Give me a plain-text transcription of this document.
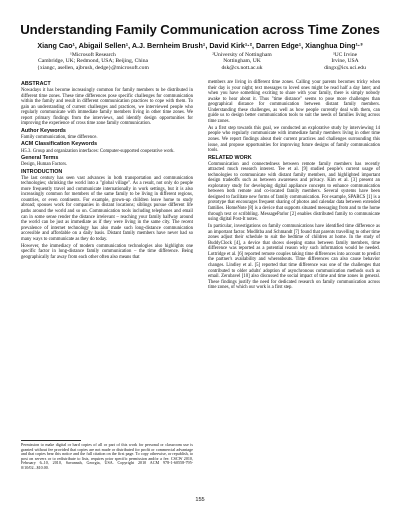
Understanding Family Communication across Time Zones
Xiang Cao¹, Abigail Sellen¹, A.J. Bernheim Brush¹, David Kirk¹·², Darren Edge¹, Xianghua Ding¹·³
¹Microsoft Research
Cambridge, UK; Redmond, USA; Beijing, China
{xiangc, asellen, ajbrush, dedge}@microsoft.com
²University of Nottingham
Nottingham, UK
dsk@cs.nott.ac.uk
³UC Irvine
Irvine, USA
dingx@ics.uci.edu
ABSTRACT
Nowadays it has become increasingly common for family members to be distributed in different time zones. These time differences pose specific challenges for communication within the family and result in different communication practices to cope with them. To gain an understanding of current challenges and practices, we interviewed people who regularly communicate with immediate family members living in other time zones. We report primary findings from the interviews, and identify design opportunities for improving the experience of cross time zone family communication.
Author Keywords
Family communication, time difference.
ACM Classification Keywords
H5.3. Group and organization interfaces: Computer-supported cooperative work.
General Terms
Design, Human Factors.
INTRODUCTION
The last century has seen vast advances in both transportation and communication technologies; shrinking the world into a "global village". As a result, not only do people more frequently travel and communicate internationally in work settings, but it is also increasingly common for members of the same family to be living in different regions, countries, or even continents. For example, grown-up children leave home to study abroad; spouses work for companies in distant locations; siblings pursue different life paths around the world and so on. Communication tools including telephones and email can in some sense render the distance irrelevant – reaching your family halfway around the world can be just as immediate as if they were living in the same city. The recent prevalence of internet technology has also made such long-distance communication accessible and affordable on a daily basis. Distant family members have never had so many ways to communicate as they do today.
However, the immediacy of modern communication technologies also highlights one specific factor in long-distance family communication – the time difference. Being geographically far away from each other often also means that
Permission to make digital or hard copies of all or part of this work for personal or classroom use is granted without fee provided that copies are not made or distributed for profit or commercial advantage and that copies bear this notice and the full citation on the first page. To copy otherwise, or republish, to post on servers or to redistribute to lists, requires prior specific permission and/or a fee. CSCW 2010, February 6–10, 2010, Savannah, Georgia, USA. Copyright 2010 ACM 978-1-60558-795-0/10/02...$10.00.
members are living in different time zones. Calling your parents becomes tricky when their day is your night; text messages to loved ones might be read half a day later; and when you have something exciting to share with your family, there is simply nobody awake to hear about it. Thus "time distance" seems to pose more challenges than geographical distance for communication between distant family members. Understanding these challenges, as well as how people currently deal with them, can guide us to design better communication tools to suit the needs of families living across time zones.
As a first step towards this goal, we conducted an explorative study by interviewing 14 people who regularly communicate with immediate family members living in other time zones. We report findings about their current practices and challenges surrounding this issue, and propose opportunities for improving future designs of family communication tools.
RELATED WORK
Communication and connectedness between remote family members has recently attracted much research interest. Tee et al. [9] studied people's current usage of technologies to communicate with distant family members, and highlighted important design tradeoffs such as between awareness and privacy. Kim et al. [3] present an exploratory study for developing digital appliance concepts to enhance communication between both remote and co-located family members. Several systems have been designed to facilitate new forms of family communication. For example, SPARCS [1] is a prototype that encourages frequent sharing of photos and calendar data between extended families. HomeNote [8] is a device that supports situated messaging from and to the home through text or scribbling. MessageParlor [2] enables distributed family to communicate using digital Post-It notes.
In particular, investigations on family communications have identified time difference as an important factor. Modlitba and Schmandt [7] found that parents travelling to other time zones adjust their schedule to suit the bedtime of children at home. In the study of BuddyClock [4], a device that shows sleeping status between family members, time difference was reported as a potential reason why such information would be needed. Lottridge et al. [6] reported remote couples taking time differences into account to predict the partner's availability and whereabouts. Time differences can also cause behavior changes. Lindley et al. [5] reported that time difference was one of the challenges that contributed to older adults' adoption of asynchronous communication methods such as email. Zerubavel [10] also discussed the social impact of time and time zones in general. These findings justify the need for dedicated research on family communication across time zones, of which our work is a first step.
155
